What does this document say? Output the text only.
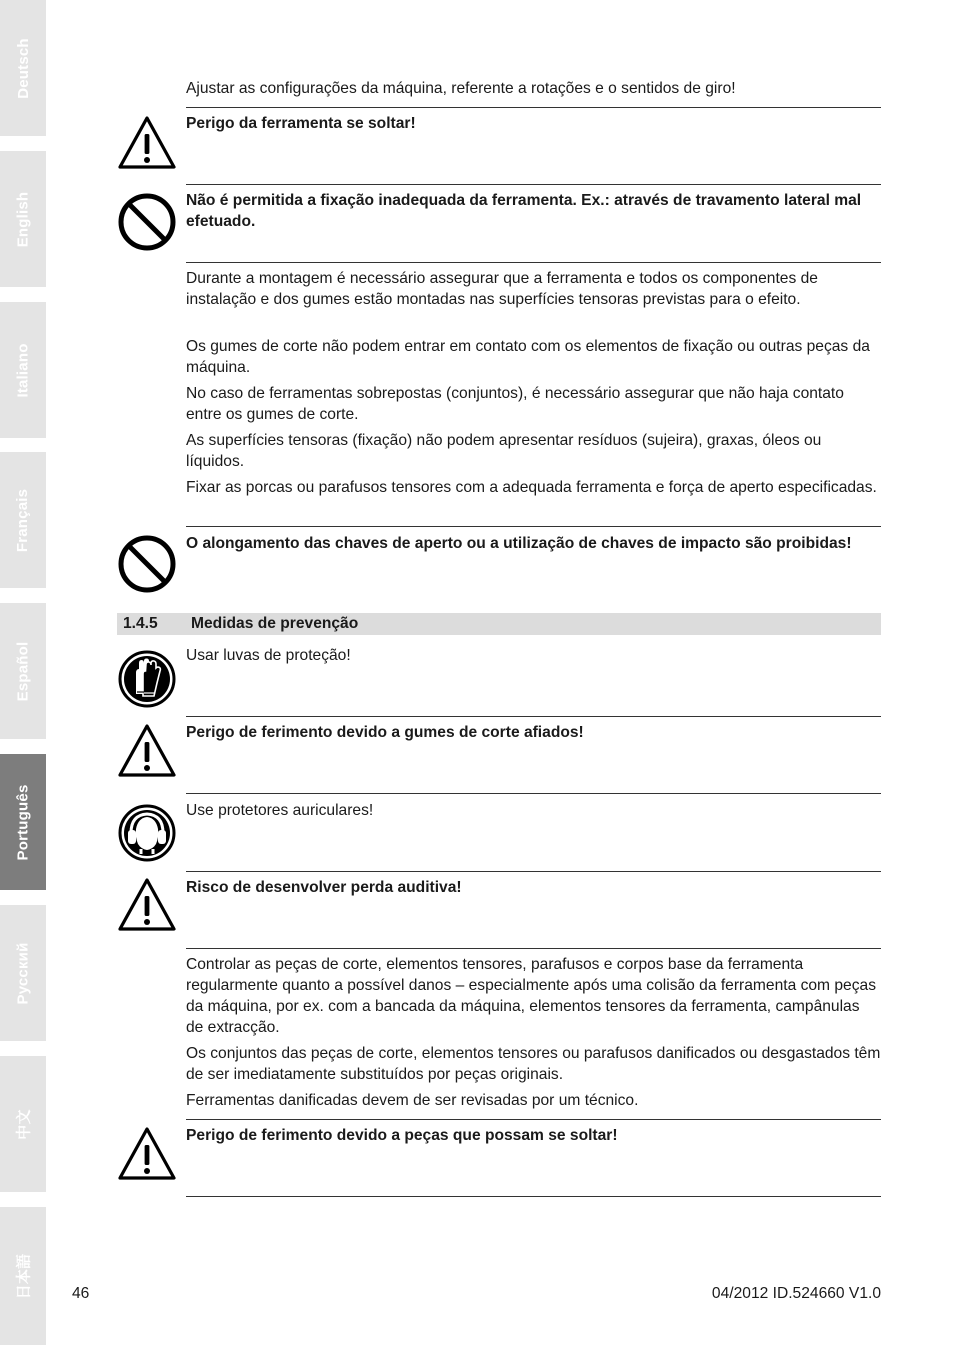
Deutsch
English
Italiano
Français
Español
Português
Русский
中文
日本語

Ajustar as configurações da máquina, referente a rotações e o sentidos de giro!

Perigo da ferramenta se soltar!

Não é permitida a fixação inadequada da ferramenta. Ex.: através de travamento lateral mal efetuado.

Durante a montagem é necessário assegurar que a ferramenta e todos os componentes de instalação e dos gumes estão montadas nas superfícies tensoras previstas para o efeito.

Os gumes de corte não podem entrar em contato com os elementos de fixação ou outras peças da máquina.

No caso de ferramentas sobrepostas (conjuntos), é necessário assegurar que não haja contato entre os gumes de corte.

As superfícies tensoras (fixação) não podem apresentar resíduos (sujeira), graxas, óleos ou líquidos.

Fixar as porcas ou parafusos tensores com a adequada ferramenta e força de aperto especificadas.

O alongamento das chaves de aperto ou a utilização de chaves de impacto são proibidas!

1.4.5 Medidas de prevenção

Usar luvas de proteção!

Perigo de ferimento devido a gumes de corte afiados!

Use protetores auriculares!

Risco de desenvolver perda auditiva!

Controlar as peças de corte, elementos tensores, parafusos e corpos base da ferramenta regularmente quanto a possível danos – especialmente após uma colisão da ferramenta com peças da máquina, por ex. com a bancada da máquina, elementos tensores da ferramenta, campânulas de extracção.

Os conjuntos das peças de corte, elementos tensores ou parafusos danificados ou desgastados têm de ser imediatamente substituídos por peças originais.

Ferramentas danificadas devem de ser revisadas por um técnico.

Perigo de ferimento devido a peças que possam se soltar!

46	04/2012 ID.524660 V1.0
